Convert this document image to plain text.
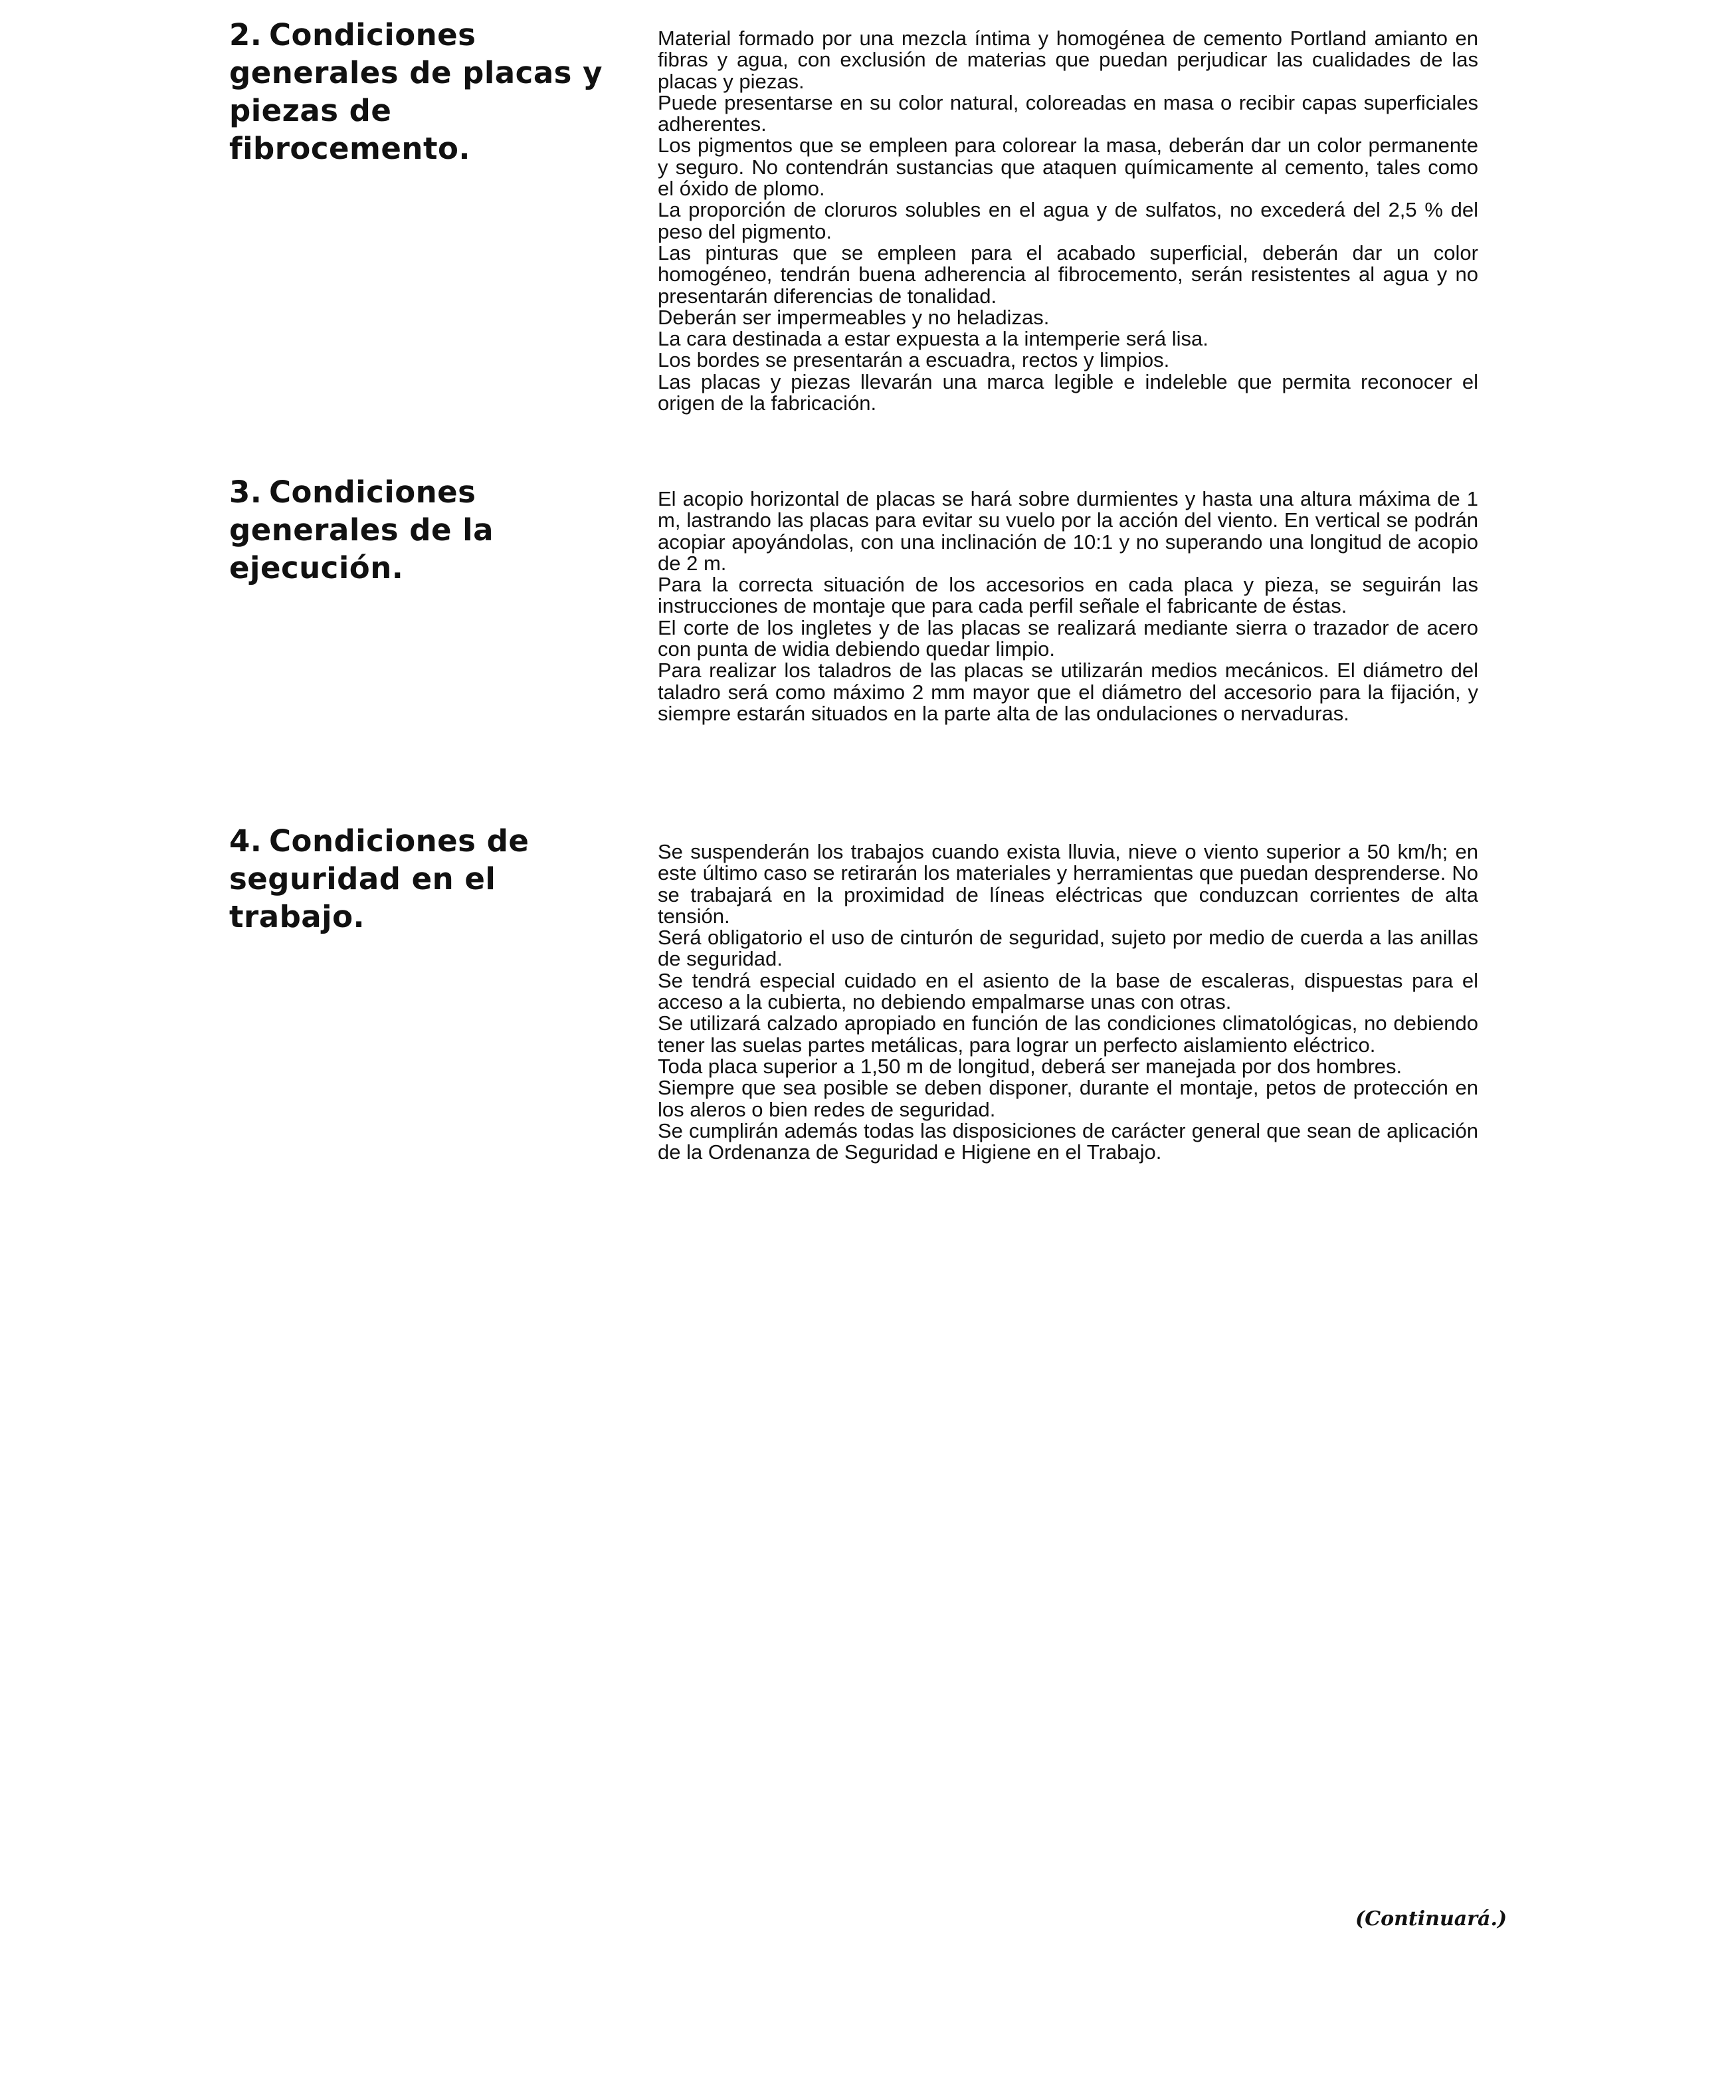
2. Condiciones generales de placas y piezas de fibrocemento.

Material formado por una mezcla íntima y homogénea de cemento Portland amianto en fibras y agua, con exclusión de materias que puedan perjudicar las cualidades de las placas y piezas.

Puede presentarse en su color natural, coloreadas en masa o recibir capas superficiales adherentes.

Los pigmentos que se empleen para colorear la masa, deberán dar un color permanente y seguro. No contendrán sustancias que ataquen químicamente al cemento, tales como el óxido de plomo.

La proporción de cloruros solubles en el agua y de sulfatos, no excederá del 2,5 % del peso del pigmento.

Las pinturas que se empleen para el acabado superficial, deberán dar un color homogéneo, tendrán buena adherencia al fibrocemento, serán resistentes al agua y no presentarán diferencias de tonalidad.

Deberán ser impermeables y no heladizas.

La cara destinada a estar expuesta a la intemperie será lisa.

Los bordes se presentarán a escuadra, rectos y limpios.

Las placas y piezas llevarán una marca legible e indeleble que permita reconocer el origen de la fabricación.

3. Condiciones generales de la ejecución.

El acopio horizontal de placas se hará sobre durmientes y hasta una altura máxima de 1 m, lastrando las placas para evitar su vuelo por la acción del viento. En vertical se podrán acopiar apoyándolas, con una inclinación de 10:1 y no superando una longitud de acopio de 2 m.

Para la correcta situación de los accesorios en cada placa y pieza, se seguirán las instrucciones de montaje que para cada perfil señale el fabricante de éstas.

El corte de los ingletes y de las placas se realizará mediante sierra o trazador de acero con punta de widia debiendo quedar limpio.

Para realizar los taladros de las placas se utilizarán medios mecánicos. El diámetro del taladro será como máximo 2 mm mayor que el diámetro del accesorio para la fijación, y siempre estarán situados en la parte alta de las ondulaciones o nervaduras.

4. Condiciones de seguridad en el trabajo.

Se suspenderán los trabajos cuando exista lluvia, nieve o viento superior a 50 km/h; en este último caso se retirarán los materiales y herramientas que puedan desprenderse. No se trabajará en la proximidad de líneas eléctricas que conduzcan corrientes de alta tensión.

Será obligatorio el uso de cinturón de seguridad, sujeto por medio de cuerda a las anillas de seguridad.

Se tendrá especial cuidado en el asiento de la base de escaleras, dispuestas para el acceso a la cubierta, no debiendo empalmarse unas con otras.

Se utilizará calzado apropiado en función de las condiciones climatológicas, no debiendo tener las suelas partes metálicas, para lograr un perfecto aislamiento eléctrico.

Toda placa superior a 1,50 m de longitud, deberá ser manejada por dos hombres.

Siempre que sea posible se deben disponer, durante el montaje, petos de protección en los aleros o bien redes de seguridad.

Se cumplirán además todas las disposiciones de carácter general que sean de aplicación de la Ordenanza de Seguridad e Higiene en el Trabajo.

(Continuará.)
